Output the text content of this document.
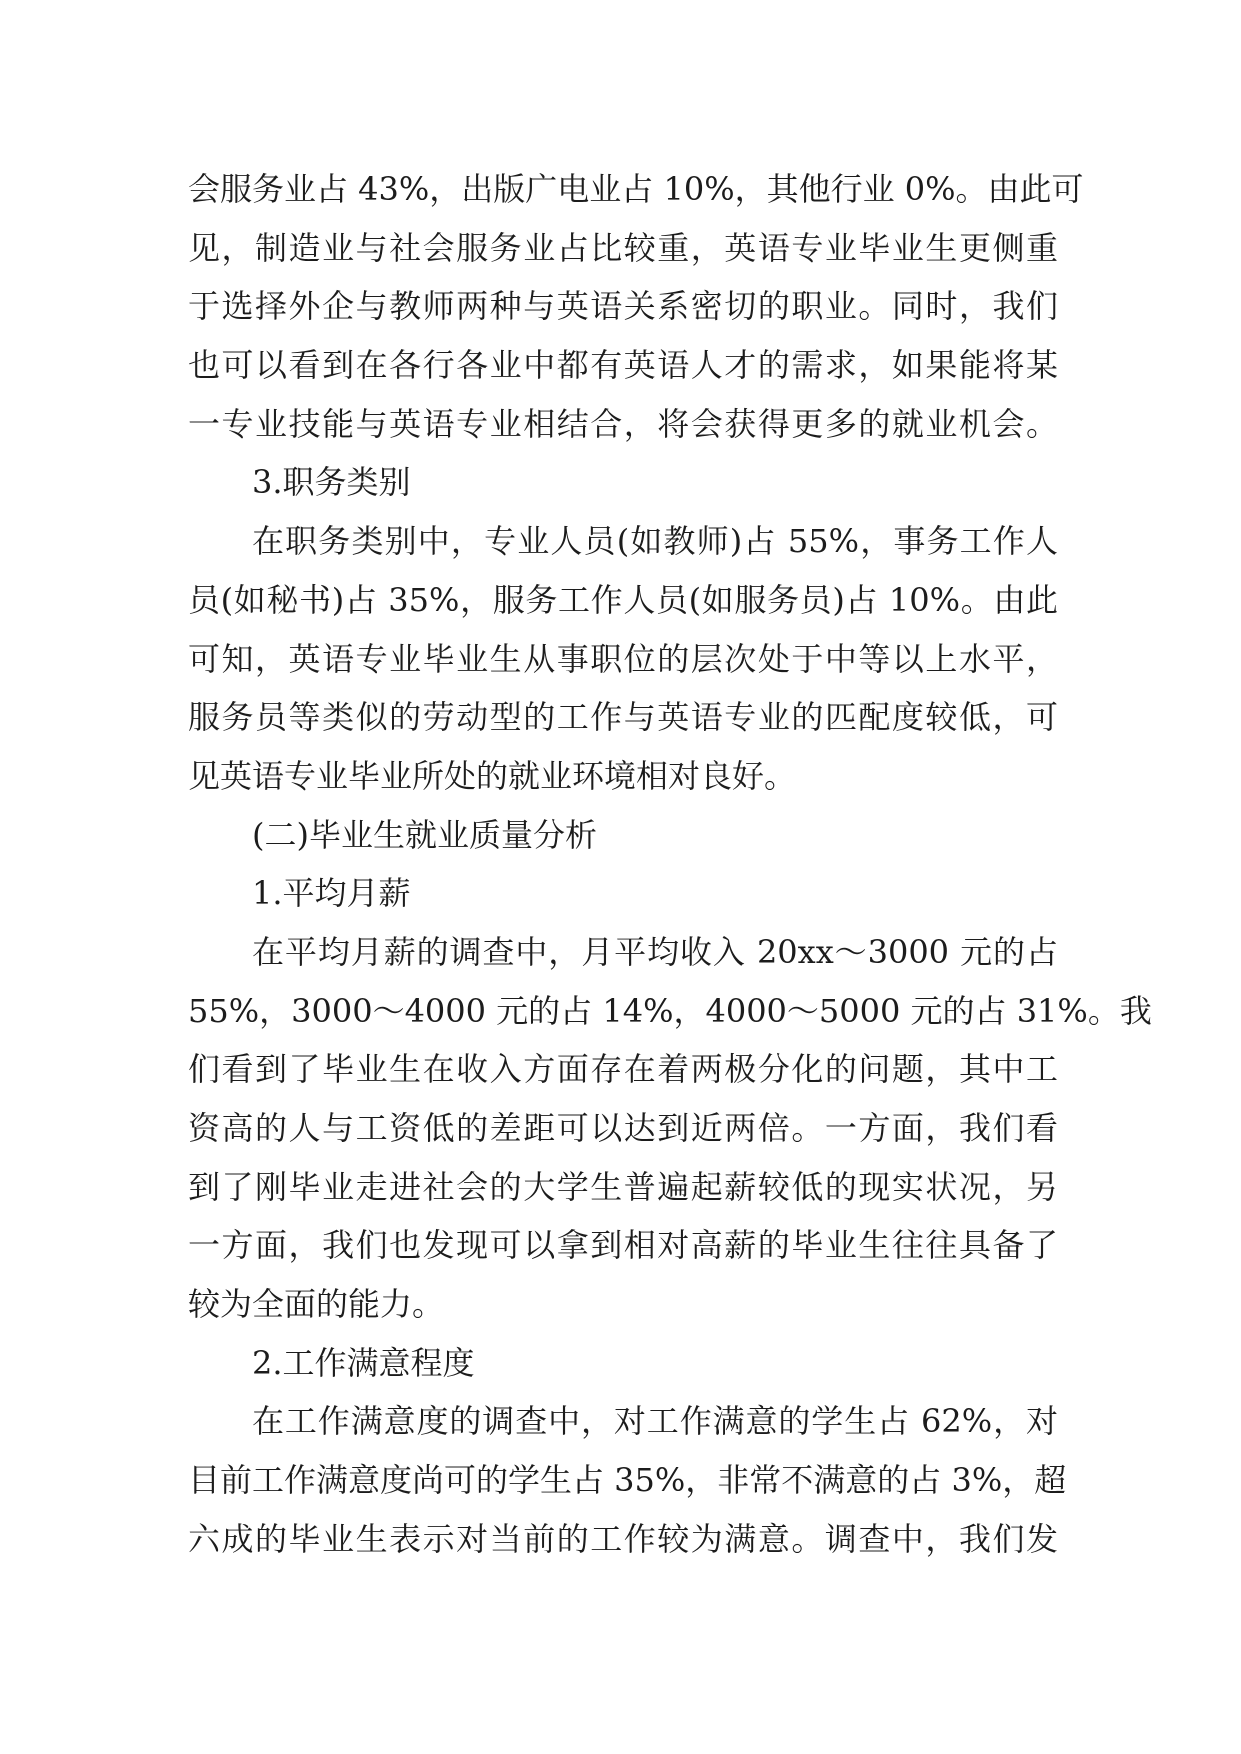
会服务业占 43%，出版广电业占 10%，其他行业 0%。由此可

见，制造业与社会服务业占比较重，英语专业毕业生更侧重

于选择外企与教师两种与英语关系密切的职业。同时，我们

也可以看到在各行各业中都有英语人才的需求，如果能将某

一专业技能与英语专业相结合，将会获得更多的就业机会。

3.职务类别

在职务类别中，专业人员(如教师)占 55%，事务工作人

员(如秘书)占 35%，服务工作人员(如服务员)占 10%。由此

可知，英语专业毕业生从事职位的层次处于中等以上水平，

服务员等类似的劳动型的工作与英语专业的匹配度较低，可

见英语专业毕业所处的就业环境相对良好。

(二)毕业生就业质量分析

1.平均月薪

在平均月薪的调查中，月平均收入 20xx～3000 元的占

55%，3000～4000 元的占 14%，4000～5000 元的占 31%。我

们看到了毕业生在收入方面存在着两极分化的问题，其中工

资高的人与工资低的差距可以达到近两倍。一方面，我们看

到了刚毕业走进社会的大学生普遍起薪较低的现实状况，另

一方面，我们也发现可以拿到相对高薪的毕业生往往具备了

较为全面的能力。

2.工作满意程度

在工作满意度的调查中，对工作满意的学生占 62%，对

目前工作满意度尚可的学生占 35%，非常不满意的占 3%，超

六成的毕业生表示对当前的工作较为满意。调查中，我们发
